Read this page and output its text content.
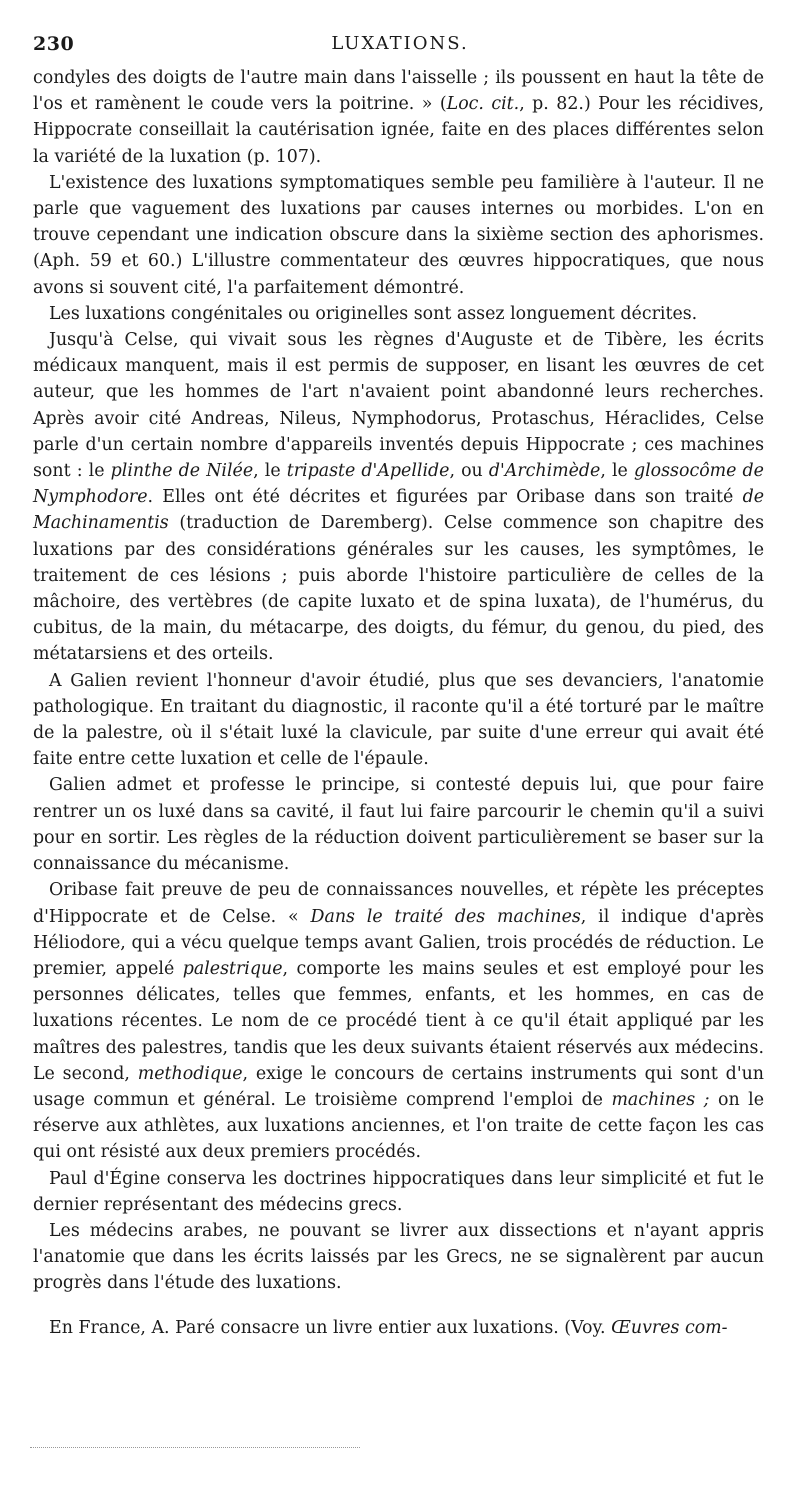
230	LUXATIONS.

condyles des doigts de l'autre main dans l'aisselle ; ils poussent en haut la tête de l'os et ramènent le coude vers la poitrine. » (Loc. cit., p. 82.) Pour les récidives, Hippocrate conseillait la cautérisation ignée, faite en des places différentes selon la variété de la luxation (p. 107).

L'existence des luxations symptomatiques semble peu familière à l'auteur. Il ne parle que vaguement des luxations par causes internes ou morbides. L'on en trouve cependant une indication obscure dans la sixième section des aphorismes. (Aph. 59 et 60.) L'illustre commentateur des œuvres hippocratiques, que nous avons si souvent cité, l'a parfaitement démontré.

Les luxations congénitales ou originelles sont assez longuement décrites.

Jusqu'à Celse, qui vivait sous les règnes d'Auguste et de Tibère, les écrits médicaux manquent, mais il est permis de supposer, en lisant les œuvres de cet auteur, que les hommes de l'art n'avaient point abandonné leurs recherches. Après avoir cité Andreas, Nileus, Nymphodorus, Protaschus, Héraclides, Celse parle d'un certain nombre d'appareils inventés depuis Hippocrate ; ces machines sont : le plinthe de Nilée, le tripaste d'Apellide, ou d'Archimède, le glossocôme de Nymphodore. Elles ont été décrites et figurées par Oribase dans son traité de Machinamentis (traduction de Daremberg). Celse commence son chapitre des luxations par des considérations générales sur les causes, les symptômes, le traitement de ces lésions ; puis aborde l'histoire particulière de celles de la mâchoire, des vertèbres (de capite luxato et de spina luxata), de l'humérus, du cubitus, de la main, du métacarpe, des doigts, du fémur, du genou, du pied, des métatarsiens et des orteils.

A Galien revient l'honneur d'avoir étudié, plus que ses devanciers, l'anatomie pathologique. En traitant du diagnostic, il raconte qu'il a été torturé par le maître de la palestre, où il s'était luxé la clavicule, par suite d'une erreur qui avait été faite entre cette luxation et celle de l'épaule.

Galien admet et professe le principe, si contesté depuis lui, que pour faire rentrer un os luxé dans sa cavité, il faut lui faire parcourir le chemin qu'il a suivi pour en sortir. Les règles de la réduction doivent particulièrement se baser sur la connaissance du mécanisme.

Oribase fait preuve de peu de connaissances nouvelles, et répète les préceptes d'Hippocrate et de Celse. « Dans le traité des machines, il indique d'après Héliodore, qui a vécu quelque temps avant Galien, trois procédés de réduction. Le premier, appelé palestrique, comporte les mains seules et est employé pour les personnes délicates, telles que femmes, enfants, et les hommes, en cas de luxations récentes. Le nom de ce procédé tient à ce qu'il était appliqué par les maîtres des palestres, tandis que les deux suivants étaient réservés aux médecins. Le second, methodique, exige le concours de certains instruments qui sont d'un usage commun et général. Le troisième comprend l'emploi de machines ; on le réserve aux athlètes, aux luxations anciennes, et l'on traite de cette façon les cas qui ont résisté aux deux premiers procédés.

Paul d'Égine conserva les doctrines hippocratiques dans leur simplicité et fut le dernier représentant des médecins grecs.

Les médecins arabes, ne pouvant se livrer aux dissections et n'ayant appris l'anatomie que dans les écrits laissés par les Grecs, ne se signalèrent par aucun progrès dans l'étude des luxations.

En France, A. Paré consacre un livre entier aux luxations. (Voy. Œuvres com-
